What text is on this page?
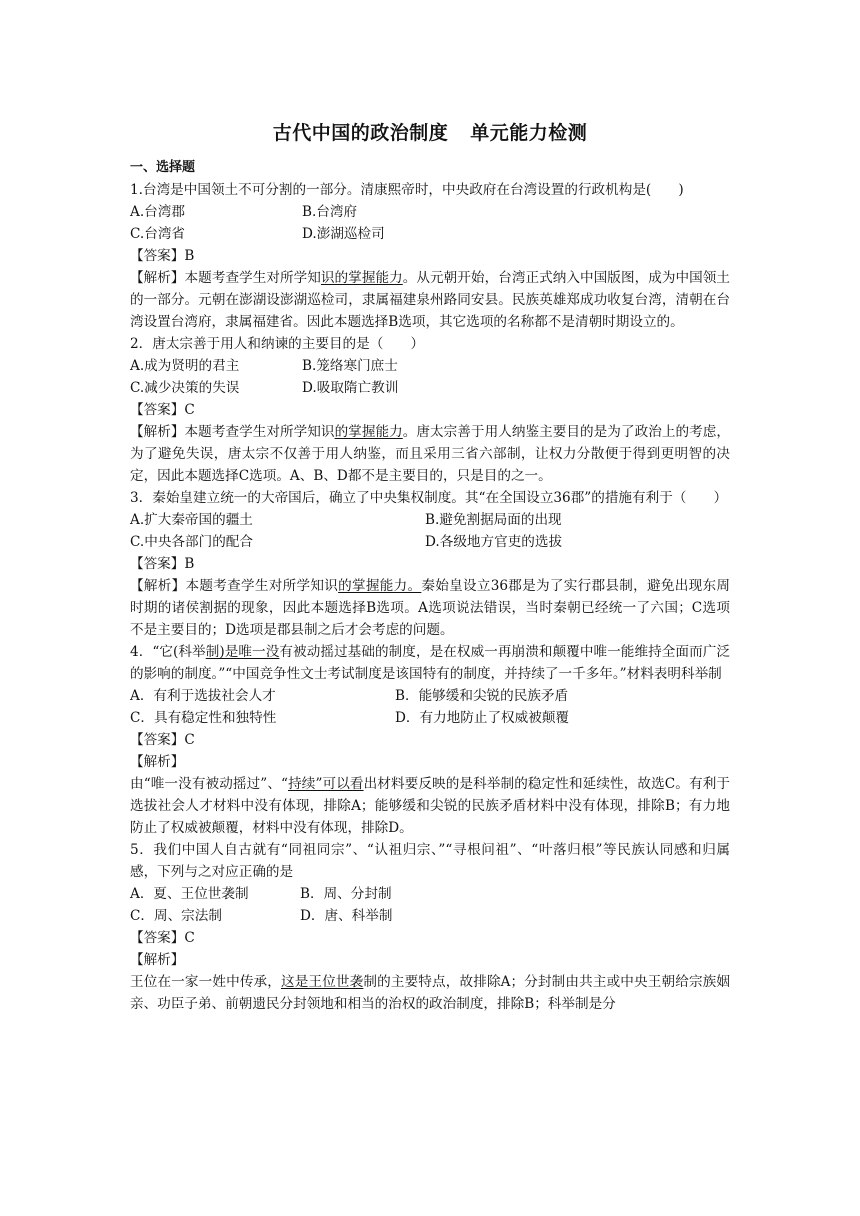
古代中国的政治制度 单元能力检测
一、选择题
1.台湾是中国领土不可分割的一部分。清康熙帝时，中央政府在台湾设置的行政机构是(　　)
A.台湾郡	B.台湾府
C.台湾省	D.澎湖巡检司
【答案】B
【解析】本题考查学生对所学知识的掌握能力。从元朝开始，台湾正式纳入中国版图，成为中国领土的一部分。元朝在澎湖设澎湖巡检司，隶属福建泉州路同安县。民族英雄郑成功收复台湾，清朝在台湾设置台湾府，隶属福建省。因此本题选择B选项，其它选项的名称都不是清朝时期设立的。
2．唐太宗善于用人和纳谏的主要目的是（　　）
A.成为贤明的君主	B.笼络寒门庶士
C.减少决策的失误	D.吸取隋亡教训
【答案】C
【解析】本题考查学生对所学知识的掌握能力。唐太宗善于用人纳鉴主要目的是为了政治上的考虑，为了避免失误，唐太宗不仅善于用人纳鉴，而且采用三省六部制，让权力分散便于得到更明智的决定，因此本题选择C选项。A、B、D都不是主要目的，只是目的之一。
3．秦始皇建立统一的大帝国后，确立了中央集权制度。其“在全国设立36郡”的措施有利于（　　）
A.扩大秦帝国的疆土	B.避免割据局面的出现
C.中央各部门的配合	D.各级地方官吏的选拔
【答案】B
【解析】本题考查学生对所学知识的掌握能力。秦始皇设立36郡是为了实行郡县制，避免出现东周时期的诸侯割据的现象，因此本题选择B选项。A选项说法错误，当时秦朝已经统一了六国；C选项不是主要目的；D选项是郡县制之后才会考虑的问题。
4．“它(科举制)是唯一没有被动摇过基础的制度，是在权威一再崩溃和颠覆中唯一能维持全面而广泛的影响的制度。”“中国竞争性文士考试制度是该国特有的制度，并持续了一千多年。”材料表明科举制
A．有利于选拔社会人才	B．能够缓和尖锐的民族矛盾
C．具有稳定性和独特性	D．有力地防止了权威被颠覆
【答案】C
【解析】
由“唯一没有被动摇过”、“持续”可以看出材料要反映的是科举制的稳定性和延续性，故选C。有利于选拔社会人才材料中没有体现，排除A；能够缓和尖锐的民族矛盾材料中没有体现，排除B；有力地防止了权威被颠覆，材料中没有体现，排除D。
5．我们中国人自古就有“同祖同宗”、“认祖归宗、”“寻根问祖”、“叶落归根”等民族认同感和归属感，下列与之对应正确的是
A．夏、王位世袭制	B．周、分封制
C．周、宗法制	D．唐、科举制
【答案】C
【解析】
王位在一家一姓中传承，这是王位世袭制的主要特点，故排除A；分封制由共主或中央王朝给宗族姻亲、功臣子弟、前朝遗民分封领地和相当的治权的政治制度，排除B；科举制是分
